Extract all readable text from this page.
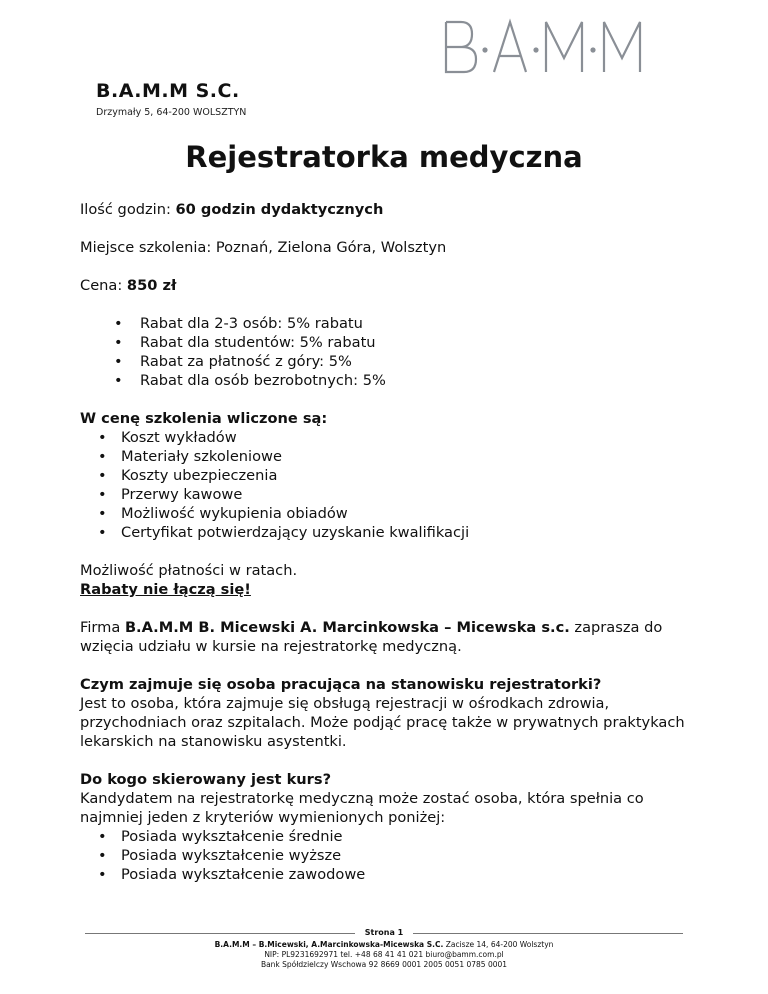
B.A.M.M S.C.
Drzymały 5, 64-200 WOLSZTYN
Rejestratorka medyczna

Ilość godzin: 60 godzin dydaktycznych

Miejsce szkolenia: Poznań, Zielona Góra, Wolsztyn

Cena: 850 zł

• Rabat dla 2-3 osób: 5% rabatu
• Rabat dla studentów: 5% rabatu
• Rabat za płatność z góry: 5%
• Rabat dla osób bezrobotnych: 5%

W cenę szkolenia wliczone są:

• Koszt wykładów
• Materiały szkoleniowe
• Koszty ubezpieczenia
• Przerwy kawowe
• Możliwość wykupienia obiadów
• Certyfikat potwierdzający uzyskanie kwalifikacji

Możliwość płatności w ratach.

Rabaty nie łączą się!

Firma B.A.M.M B. Micewski A. Marcinkowska – Micewska s.c. zaprasza do wzięcia udziału w kursie na rejestratorkę medyczną.

Czym zajmuje się osoba pracująca na stanowisku rejestratorki?

Jest to osoba, która zajmuje się obsługą rejestracji w ośrodkach zdrowia, przychodniach oraz szpitalach. Może podjąć pracę także w prywatnych praktykach lekarskich na stanowisku asystentki.

Do kogo skierowany jest kurs?

Kandydatem na rejestratorkę medyczną może zostać osoba, która spełnia co najmniej jeden z kryteriów wymienionych poniżej:

• Posiada wykształcenie średnie
• Posiada wykształcenie wyższe
• Posiada wykształcenie zawodowe
Strona 1
B.A.M.M – B.Micewski, A.Marcinkowska-Micewska S.C. Zacisze 14, 64-200 Wolsztyn
NIP: PL9231692971 tel. +48 68 41 41 021 biuro@bamm.com.pl
Bank Spółdzielczy Wschowa 92 8669 0001 2005 0051 0785 0001
